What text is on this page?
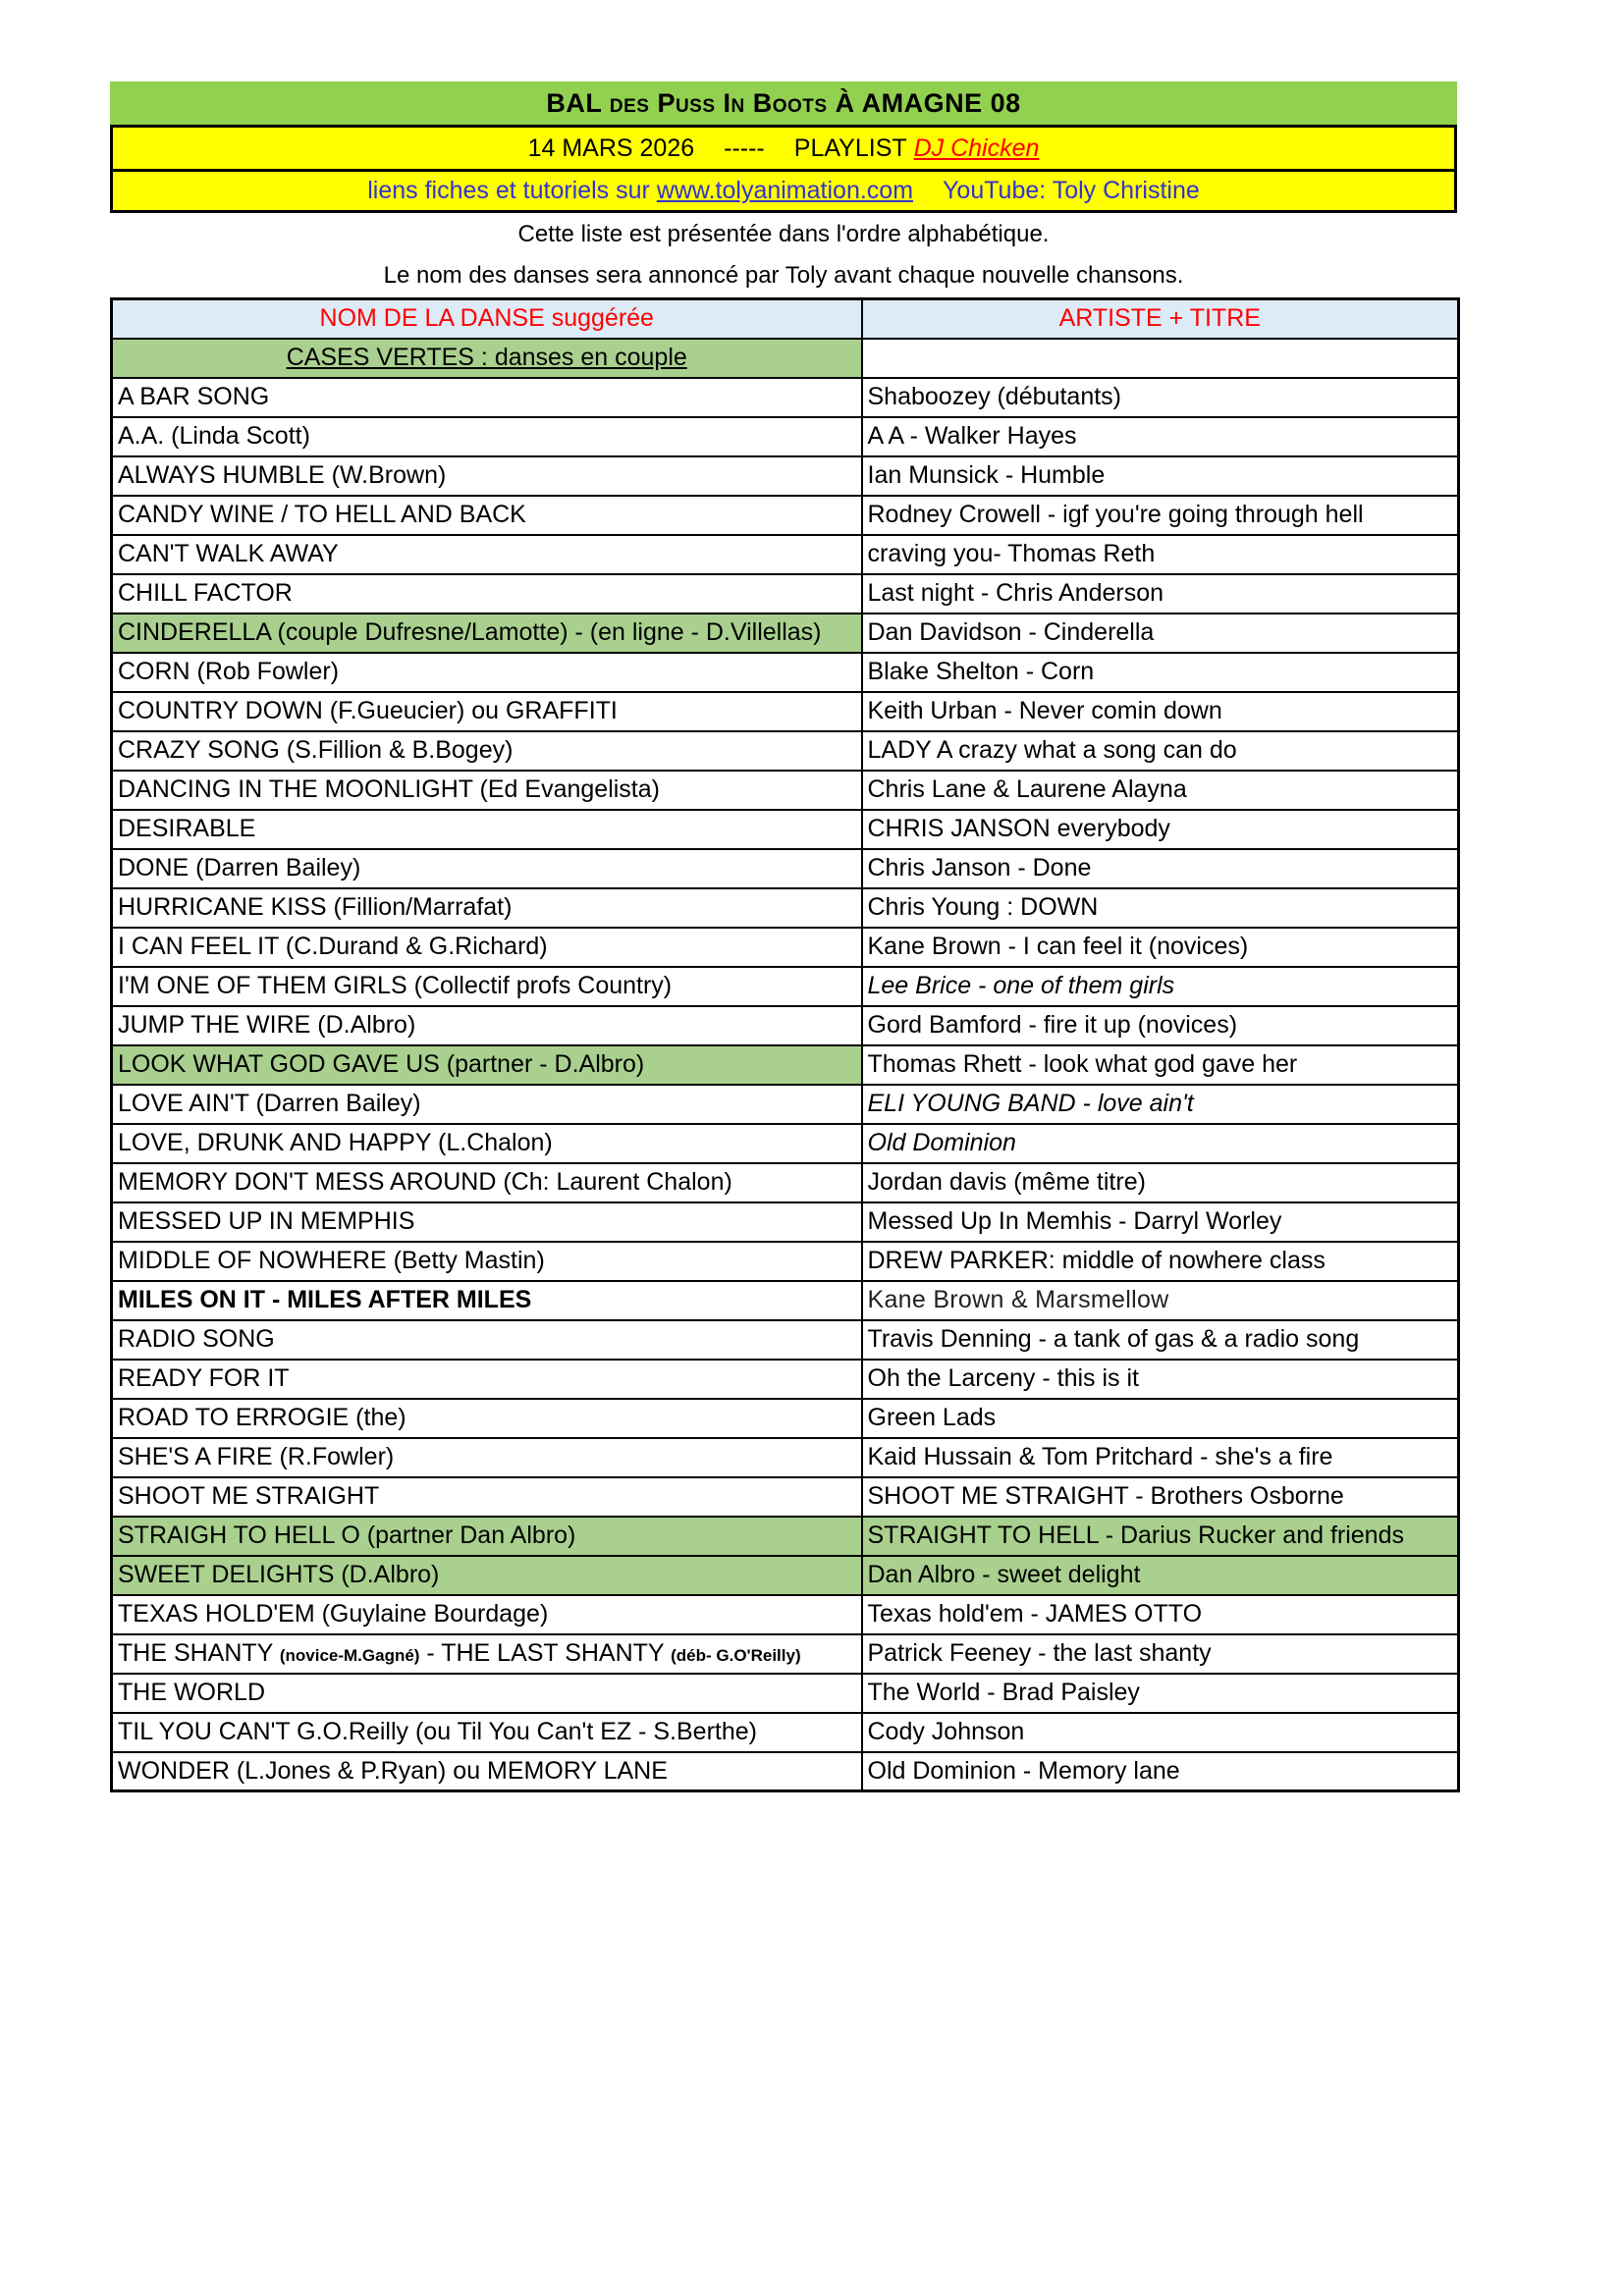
BAL des Puss In Boots À AMAGNE 08
14 MARS 2026 ----- PLAYLIST
DJ Chicken
liens fiches et tutoriels sur
www.tolyanimation.com YouTube: Toly Christine
Cette liste est présentée dans l'ordre alphabétique.
Le nom des danses sera annoncé par Toly avant chaque nouvelle chansons.
NOM DE LA DANSE suggérée	ARTISTE + TITRE
CASES VERTES : danses en couple	
A BAR SONG	Shaboozey (débutants)
A.A. (Linda Scott)	A A - Walker Hayes
ALWAYS HUMBLE (W.Brown)	Ian Munsick - Humble
CANDY WINE / TO HELL AND BACK	Rodney Crowell - igf you're going through hell
CAN'T WALK AWAY	craving you- Thomas Reth
CHILL FACTOR	Last night - Chris Anderson
CINDERELLA (couple Dufresne/Lamotte) - (en ligne - D.Villellas)	Dan Davidson - Cinderella
CORN (Rob Fowler)	Blake Shelton - Corn
COUNTRY DOWN (F.Gueucier) ou GRAFFITI	Keith Urban - Never comin down
CRAZY SONG (S.Fillion & B.Bogey)	LADY A crazy what a song can do
DANCING IN THE MOONLIGHT (Ed Evangelista)	Chris Lane & Laurene Alayna
DESIRABLE	CHRIS JANSON everybody
DONE (Darren Bailey)	Chris Janson - Done
HURRICANE KISS (Fillion/Marrafat)	Chris Young : DOWN
I CAN FEEL IT (C.Durand & G.Richard)	Kane Brown - I can feel it (novices)
I'M ONE OF THEM GIRLS (Collectif profs Country)	Lee Brice - one of them girls
JUMP THE WIRE (D.Albro)	Gord Bamford - fire it up (novices)
LOOK WHAT GOD GAVE US (partner - D.Albro)	Thomas Rhett - look what god gave her
LOVE AIN'T (Darren Bailey)	ELI YOUNG BAND - love ain't
LOVE, DRUNK AND HAPPY (L.Chalon)	Old Dominion
MEMORY DON'T MESS AROUND (Ch: Laurent Chalon)	Jordan davis (même titre)
MESSED UP IN MEMPHIS	Messed Up In Memhis - Darryl Worley
MIDDLE OF NOWHERE (Betty Mastin)	DREW PARKER: middle of nowhere class
MILES ON IT - MILES AFTER MILES	Kane Brown & Marsmellow
RADIO SONG	Travis Denning - a tank of gas & a radio song
READY FOR IT	Oh the Larceny - this is it
ROAD TO ERROGIE (the)	Green Lads
SHE'S A FIRE (R.Fowler)	Kaid Hussain & Tom Pritchard - she's a fire
SHOOT ME STRAIGHT	SHOOT ME STRAIGHT - Brothers Osborne
STRAIGH TO HELL O (partner Dan Albro)	STRAIGHT TO HELL - Darius Rucker and friends
SWEET DELIGHTS (D.Albro)	Dan Albro - sweet delight
TEXAS HOLD'EM (Guylaine Bourdage)	Texas hold'em - JAMES OTTO
THE SHANTY (novice-M.Gagné) - THE LAST SHANTY (déb- G.O'Reilly)	Patrick Feeney - the last shanty
THE WORLD	The World - Brad Paisley
TIL YOU CAN'T G.O.Reilly (ou Til You Can't EZ - S.Berthe)	Cody Johnson
WONDER (L.Jones & P.Ryan) ou MEMORY LANE	Old Dominion - Memory lane
